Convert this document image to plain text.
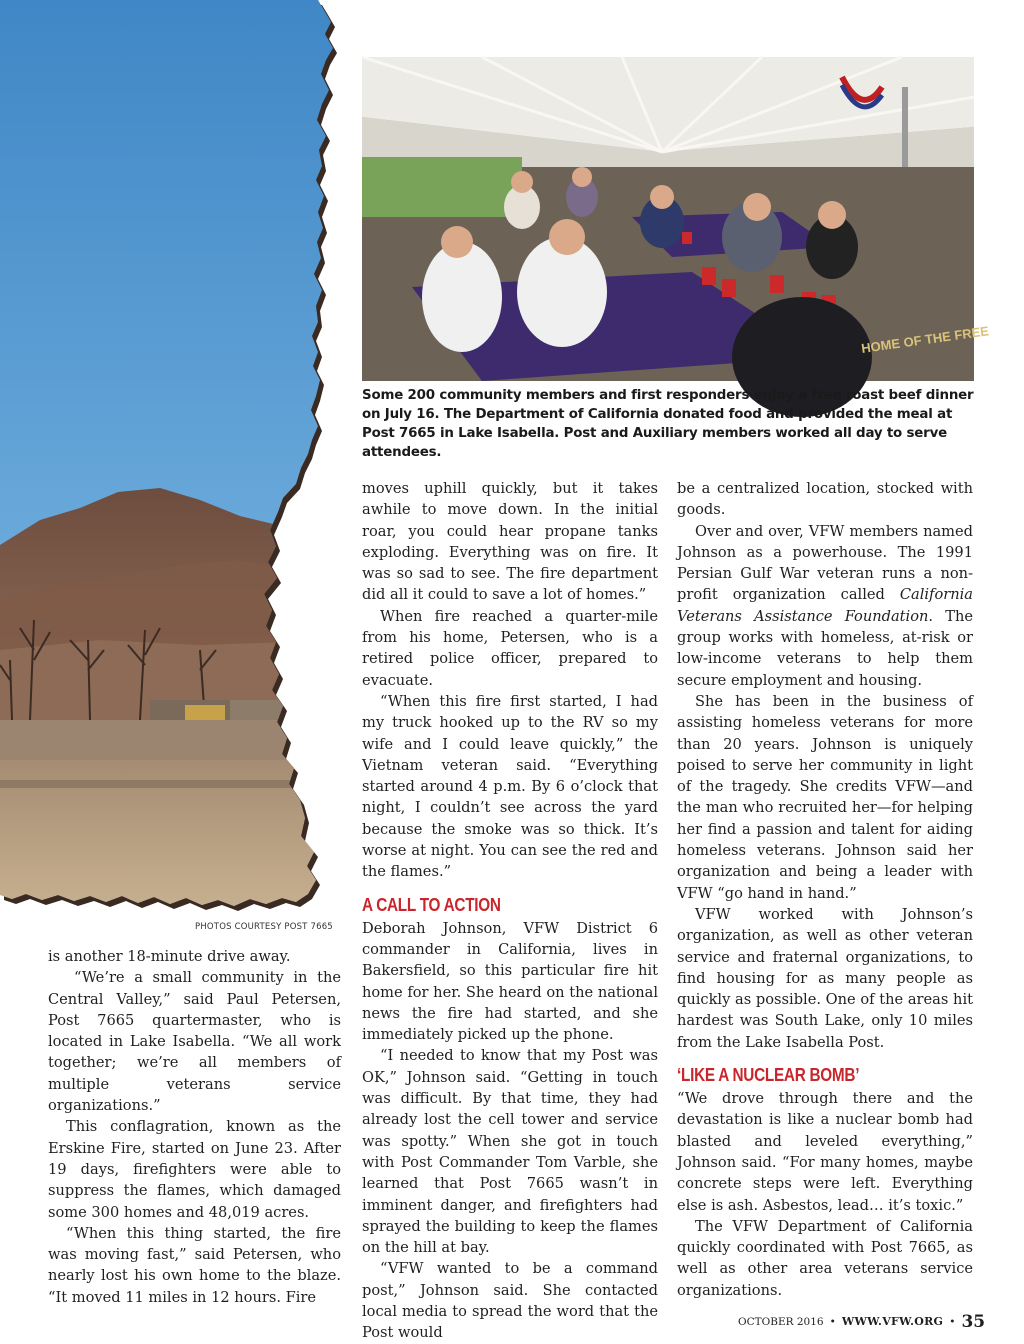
HOME OF THE FREE
Some 200 community members and first responders enjoy a free roast beef dinner on July 16. The Department of California donated food and provided the meal at Post 7665 in Lake Isabella. Post and Auxiliary members worked all day to serve attendees.
PHOTOS COURTESY POST 7665

is another 18-minute drive away.

“We’re a small community in the Central Valley,” said Paul Petersen, Post 7665 quartermaster, who is located in Lake Isabella. “We all work together; we’re all members of multiple veterans service organizations.”

This conflagration, known as the Erskine Fire, started on June 23. After 19 days, firefighters were able to suppress the flames, which damaged some 300 homes and 48,019 acres.

“When this thing started, the fire was moving fast,” said Petersen, who nearly lost his own home to the blaze. “It moved 11 miles in 12 hours. Fire

moves uphill quickly, but it takes awhile to move down. In the initial roar, you could hear propane tanks exploding. Everything was on fire. It was so sad to see. The fire department did all it could to save a lot of homes.”

When fire reached a quarter-mile from his home, Petersen, who is a retired police officer, prepared to evacuate.

“When this fire first started, I had my truck hooked up to the RV so my wife and I could leave quickly,” the Vietnam veteran said. “Everything started around 4 p.m. By 6 o’clock that night, I couldn’t see across the yard because the smoke was so thick. It’s worse at night. You can see the red and the flames.”

A CALL TO ACTION

Deborah Johnson, VFW District 6 commander in California, lives in Bakersfield, so this particular fire hit home for her. She heard on the national news the fire had started, and she immediately picked up the phone.

“I needed to know that my Post was OK,” Johnson said. “Getting in touch was difficult. By that time, they had already lost the cell tower and service was spotty.” When she got in touch with Post Commander Tom Varble, she learned that Post 7665 wasn’t in imminent danger, and firefighters had sprayed the building to keep the flames on the hill at bay.

“VFW wanted to be a command post,” Johnson said. She contacted local media to spread the word that the Post would

be a centralized location, stocked with goods.

Over and over, VFW members named Johnson as a powerhouse. The 1991 Persian Gulf War veteran runs a non-profit organization called California Veterans Assistance Foundation. The group works with homeless, at-risk or low-income veterans to help them secure employment and housing.

She has been in the business of assisting homeless veterans for more than 20 years. Johnson is uniquely poised to serve her community in light of the tragedy. She credits VFW—and the man who recruited her—for helping her find a passion and talent for aiding homeless veterans. Johnson said her organization and being a leader with VFW “go hand in hand.”

VFW worked with Johnson’s organization, as well as other veteran service and fraternal organizations, to find housing for as many people as quickly as possible. One of the areas hit hardest was South Lake, only 10 miles from the Lake Isabella Post.

‘LIKE A NUCLEAR BOMB’

“We drove through there and the devastation is like a nuclear bomb had blasted and leveled everything,” Johnson said. “For many homes, maybe concrete steps were left. Everything else is ash. Asbestos, lead… it’s toxic.”

The VFW Department of California quickly coordinated with Post 7665, as well as other area veterans service organizations.

OCTOBER 2016 • WWW.VFW.ORG • 35
